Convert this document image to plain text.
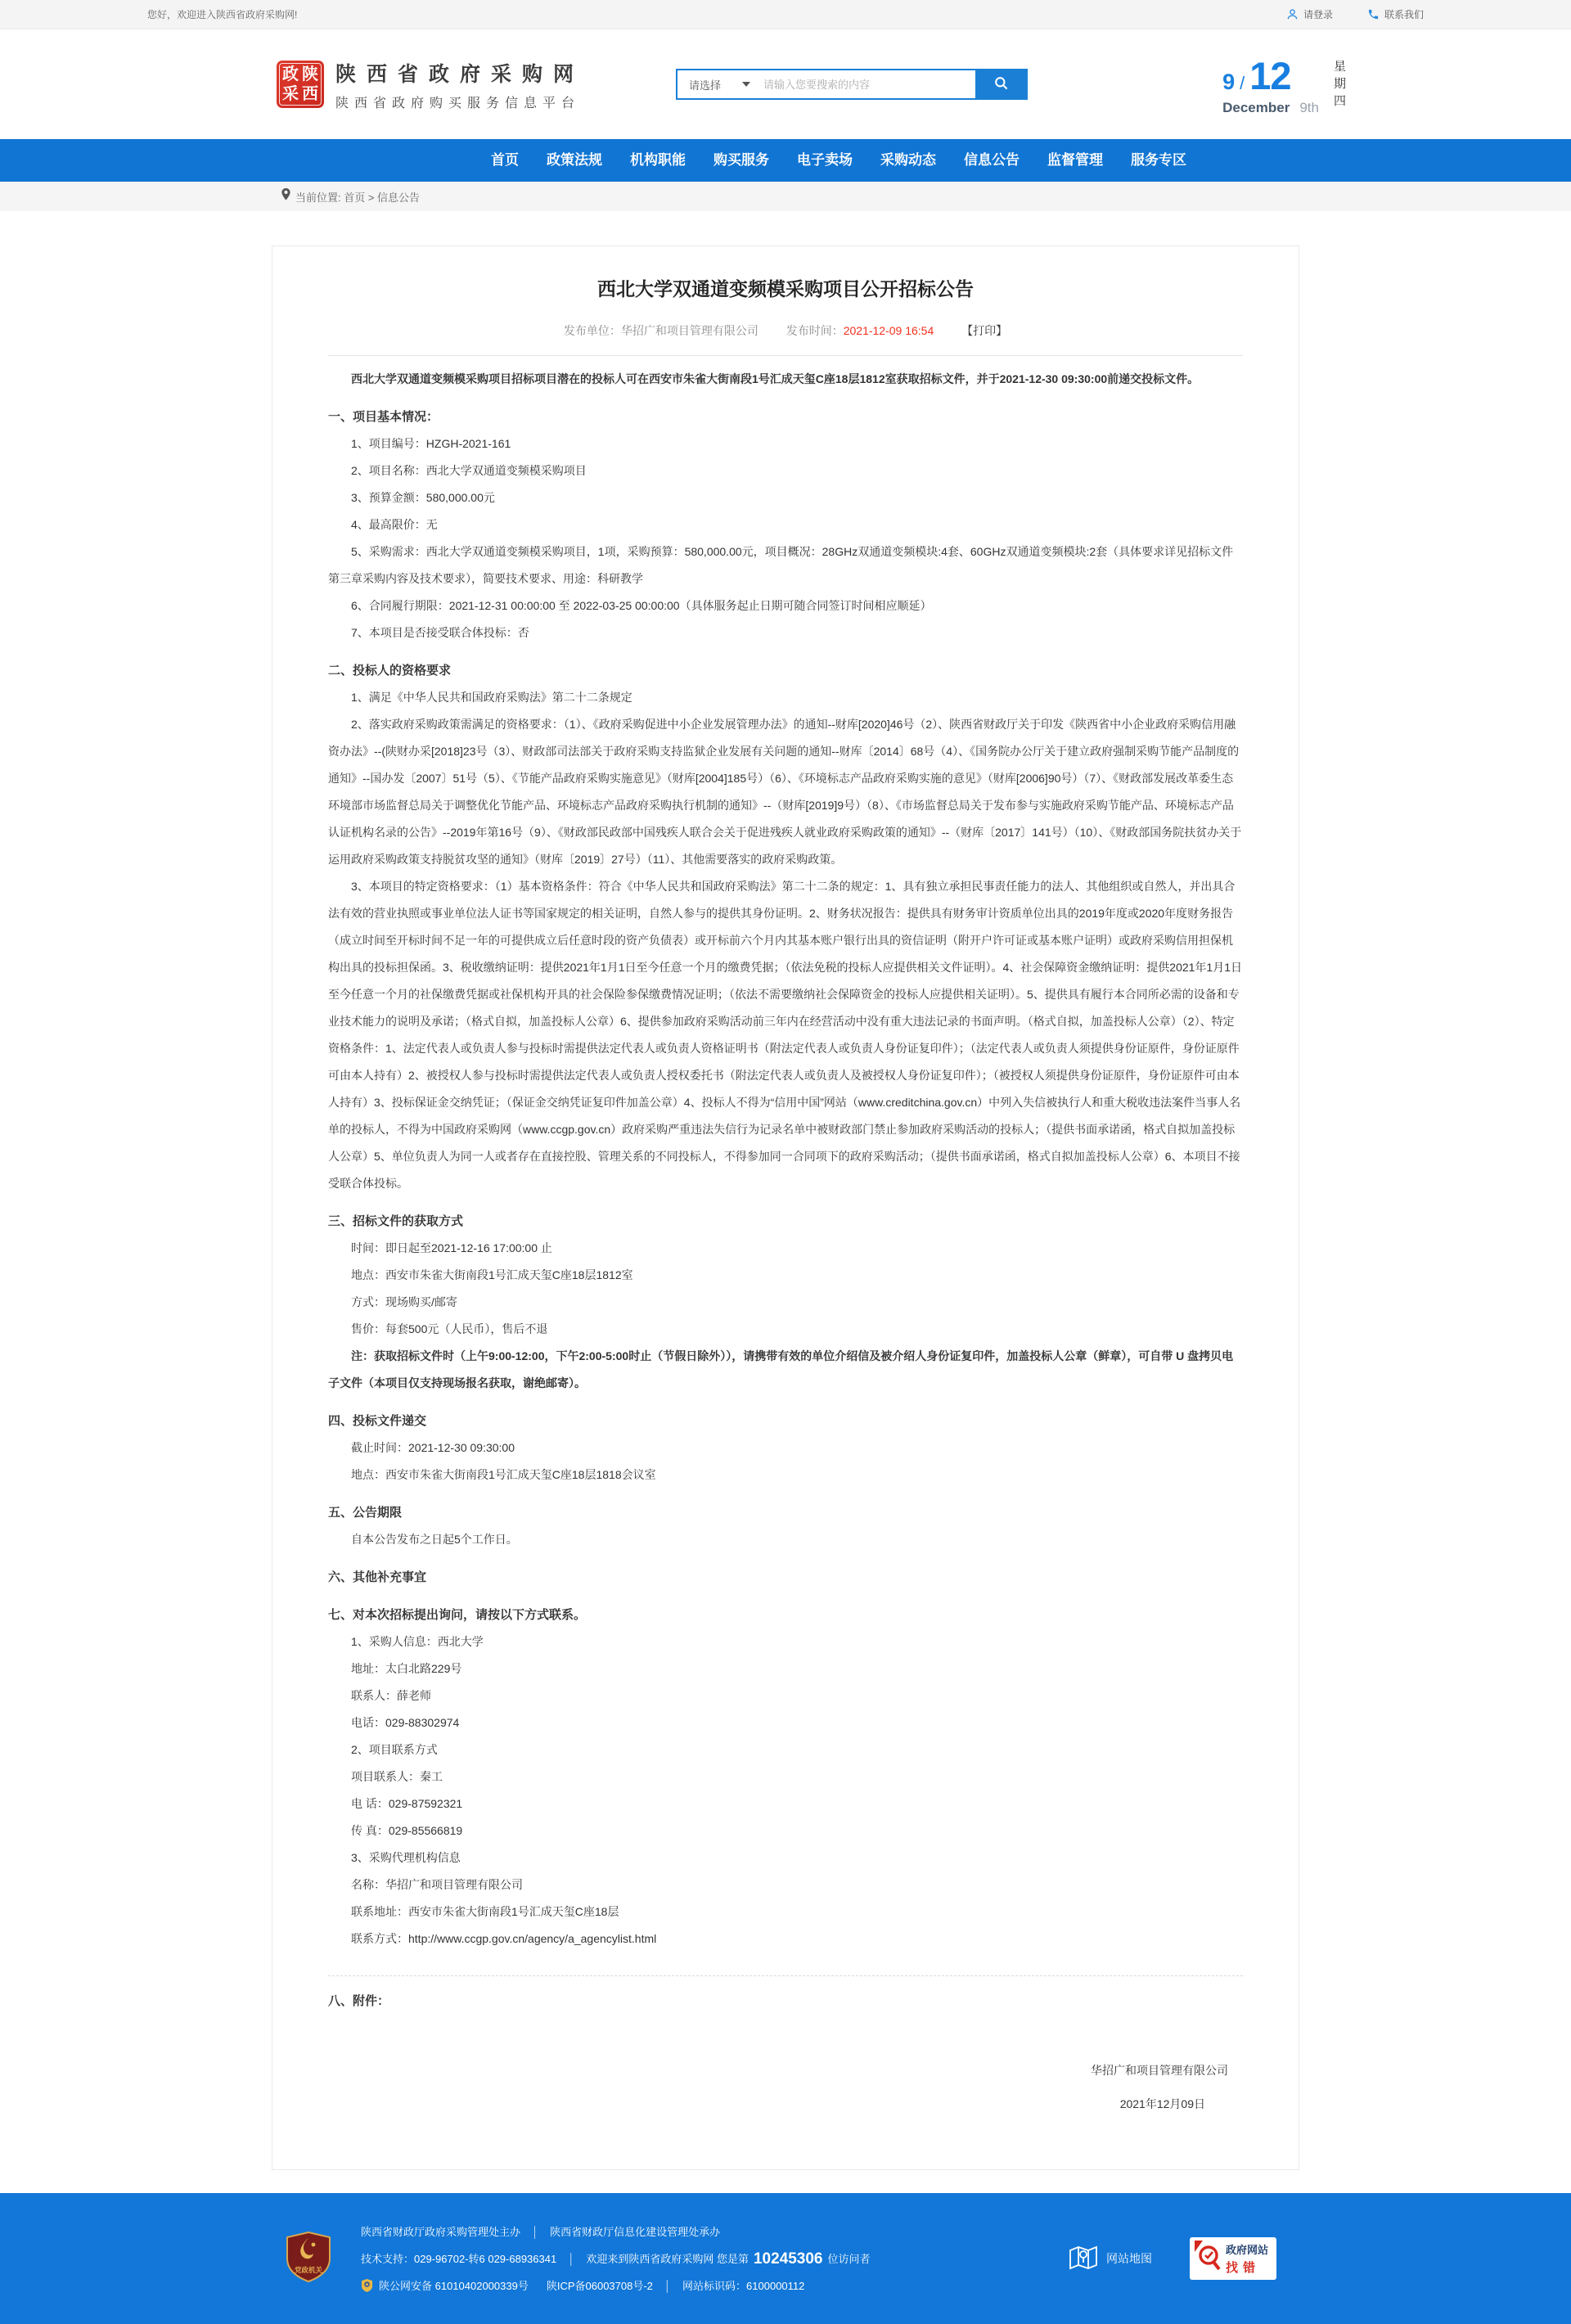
您好，欢迎进入陕西省政府采购网!	请登录	联系我们
政 陕
采 西
陕西省政府采购网
陕西省政府购买服务信息平台
请选择
请输入您要搜索的内容	9 / 12
December 9th
星
期
四
首页 政策法规 机构职能 购买服务 电子卖场 采购动态 信息公告 监督管理 服务专区
当前位置: 首页 > 信息公告
西北大学双通道变频模采购项目公开招标公告
发布单位：华招广和项目管理有限公司 发布时间：2021-12-09 16:54 【打印】

西北大学双通道变频模采购项目招标项目潜在的投标人可在西安市朱雀大街南段1号汇成天玺C座18层1812室获取招标文件，并于2021-12-30 09:30:00前递交投标文件。

一、项目基本情况：

1、项目编号：HZGH-2021-161

2、项目名称：西北大学双通道变频模采购项目

3、预算金额：580,000.00元

4、最高限价：无

5、采购需求：西北大学双通道变频模采购项目，1项，采购预算：580,000.00元，项目概况：28GHz双通道变频模块:4套、60GHz双通道变频模块:2套（具体要求详见招标文件第三章采购内容及技术要求），简要技术要求、用途：科研教学

6、合同履行期限：2021-12-31 00:00:00 至 2022-03-25 00:00:00（具体服务起止日期可随合同签订时间相应顺延）

7、本项目是否接受联合体投标：否

二、投标人的资格要求

1、满足《中华人民共和国政府采购法》第二十二条规定

2、落实政府采购政策需满足的资格要求：（1）、《政府采购促进中小企业发展管理办法》的通知--财库[2020]46号（2）、陕西省财政厅关于印发《陕西省中小企业政府采购信用融资办法》--(陕财办采[2018]23号（3）、财政部司法部关于政府采购支持监狱企业发展有关问题的通知--财库〔2014〕68号（4）、《国务院办公厅关于建立政府强制采购节能产品制度的通知》--国办发〔2007〕51号（5）、《节能产品政府采购实施意见》（财库[2004]185号）（6）、《环境标志产品政府采购实施的意见》（财库[2006]90号）（7）、《财政部发展改革委生态环境部市场监督总局关于调整优化节能产品、环境标志产品政府采购执行机制的通知》--（财库[2019]9号）（8）、《市场监督总局关于发布参与实施政府采购节能产品、环境标志产品认证机构名录的公告》--2019年第16号（9）、《财政部民政部中国残疾人联合会关于促进残疾人就业政府采购政策的通知》--（财库〔2017〕141号）（10）、《财政部国务院扶贫办关于运用政府采购政策支持脱贫攻坚的通知》（财库〔2019〕27号）（11）、其他需要落实的政府采购政策。

3、本项目的特定资格要求：（1）基本资格条件：符合《中华人民共和国政府采购法》第二十二条的规定：1、具有独立承担民事责任能力的法人、其他组织或自然人，并出具合法有效的营业执照或事业单位法人证书等国家规定的相关证明，自然人参与的提供其身份证明。2、财务状况报告：提供具有财务审计资质单位出具的2019年度或2020年度财务报告（成立时间至开标时间不足一年的可提供成立后任意时段的资产负债表）或开标前六个月内其基本账户银行出具的资信证明（附开户许可证或基本账户证明）或政府采购信用担保机构出具的投标担保函。3、税收缴纳证明：提供2021年1月1日至今任意一个月的缴费凭据；（依法免税的投标人应提供相关文件证明）。4、社会保障资金缴纳证明：提供2021年1月1日至今任意一个月的社保缴费凭据或社保机构开具的社会保险参保缴费情况证明；（依法不需要缴纳社会保障资金的投标人应提供相关证明）。5、提供具有履行本合同所必需的设备和专业技术能力的说明及承诺；（格式自拟，加盖投标人公章）6、提供参加政府采购活动前三年内在经营活动中没有重大违法记录的书面声明。（格式自拟，加盖投标人公章）（2）、特定资格条件：1、法定代表人或负责人参与投标时需提供法定代表人或负责人资格证明书（附法定代表人或负责人身份证复印件）；（法定代表人或负责人须提供身份证原件，身份证原件可由本人持有）2、被授权人参与投标时需提供法定代表人或负责人授权委托书（附法定代表人或负责人及被授权人身份证复印件）；（被授权人须提供身份证原件，身份证原件可由本人持有）3、投标保证金交纳凭证；（保证金交纳凭证复印件加盖公章）4、投标人不得为“信用中国”网站（www.creditchina.gov.cn）中列入失信被执行人和重大税收违法案件当事人名单的投标人，不得为中国政府采购网（www.ccgp.gov.cn）政府采购严重违法失信行为记录名单中被财政部门禁止参加政府采购活动的投标人；（提供书面承诺函，格式自拟加盖投标人公章）5、单位负责人为同一人或者存在直接控股、管理关系的不同投标人，不得参加同一合同项下的政府采购活动；（提供书面承诺函，格式自拟加盖投标人公章）6、本项目不接受联合体投标。

三、招标文件的获取方式

时间：即日起至2021-12-16 17:00:00 止

地点：西安市朱雀大街南段1号汇成天玺C座18层1812室

方式：现场购买/邮寄

售价：每套500元（人民币），售后不退

注：获取招标文件时（上午9:00-12:00，下午2:00-5:00时止（节假日除外）），请携带有效的单位介绍信及被介绍人身份证复印件，加盖投标人公章（鲜章），可自带 U 盘拷贝电子文件（本项目仅支持现场报名获取，谢绝邮寄）。

四、投标文件递交

截止时间：2021-12-30 09:30:00

地点：西安市朱雀大街南段1号汇成天玺C座18层1818会议室

五、公告期限

自本公告发布之日起5个工作日。

六、其他补充事宜

七、对本次招标提出询问，请按以下方式联系。

1、采购人信息：西北大学

地址：太白北路229号

联系人：薛老师

电话：029-88302974

2、项目联系方式

项目联系人：秦工

电 话：029-87592321

传 真：029-85566819

3、采购代理机构信息

名称：华招广和项目管理有限公司

联系地址：西安市朱雀大街南段1号汇成天玺C座18层

联系方式：http://www.ccgp.gov.cn/agency/a_agencylist.html

八、附件：

华招广和项目管理有限公司

2021年12月09日

党政机关
陕西省财政厅政府采购管理处主办 │ 陕西省财政厅信息化建设管理处承办
技术支持：029-96702-转6 029-68936341 │ 欢迎来到陕西省政府采购网 您是第 10245306 位访问者
陕公网安备 61010402000339号 陕ICP备06003708号-2 │ 网站标识码：6100000112
网站地图
政府网站
找错
